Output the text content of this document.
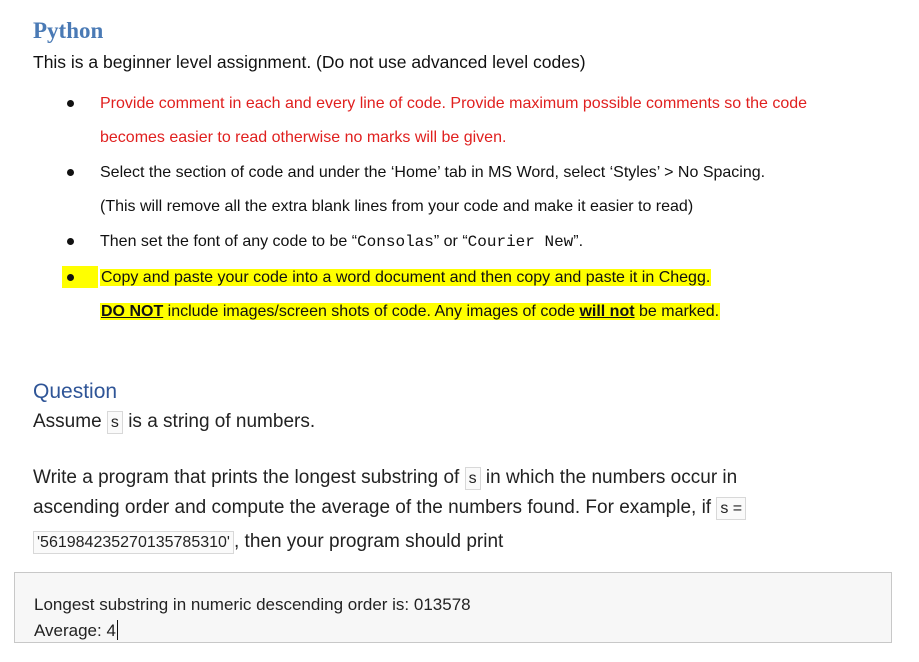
Python
This is a beginner level assignment. (Do not use advanced level codes)
Provide comment in each and every line of code. Provide maximum possible comments so the code
becomes easier to read otherwise no marks will be given.
Select the section of code and under the ‘Home’ tab in MS Word, select ‘Styles’ > No Spacing.
(This will remove all the extra blank lines from your code and make it easier to read)
Then set the font of any code to be “Consolas” or “Courier New”.
Copy and paste your code into a word document and then copy and paste it in Chegg.
DO NOT include images/screen shots of code. Any images of code will not be marked.
Question
Assume s is a string of numbers.
Write a program that prints the longest substring of s in which the numbers occur in
ascending order and compute the average of the numbers found. For example, if s =
'561984235270135785310' , then your program should print
Longest substring in numeric descending order is: 013578
Average: 4
